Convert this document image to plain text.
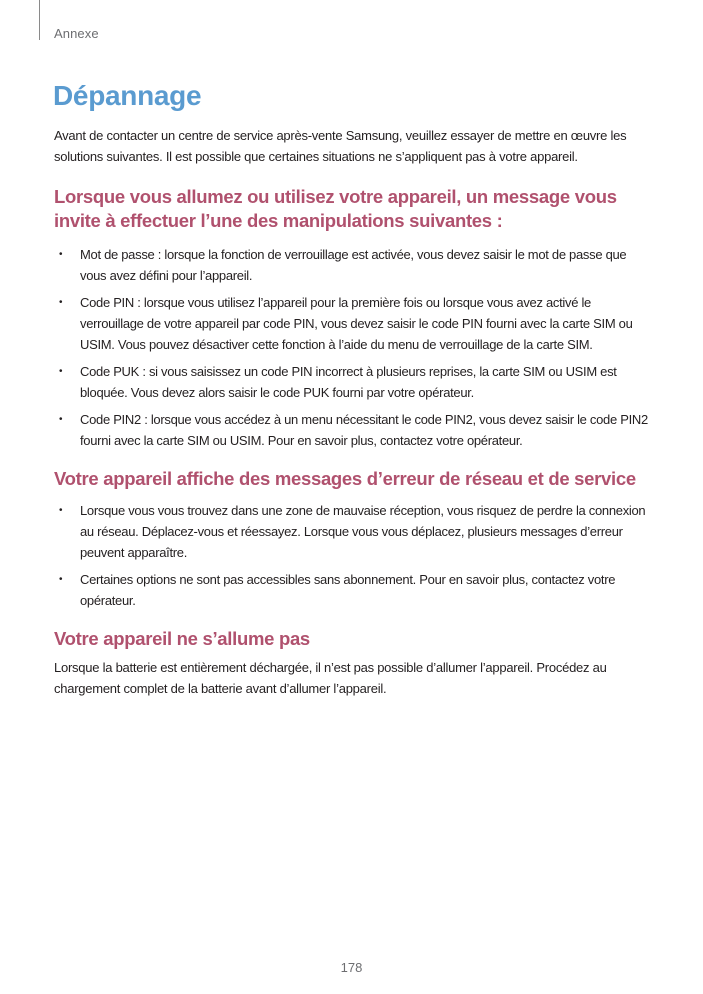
Annexe
Dépannage

Avant de contacter un centre de service après-vente Samsung, veuillez essayer de mettre en œuvre les solutions suivantes. Il est possible que certaines situations ne s’appliquent pas à votre appareil.

Lorsque vous allumez ou utilisez votre appareil, un message vous invite à effectuer l’une des manipulations suivantes :
• Mot de passe : lorsque la fonction de verrouillage est activée, vous devez saisir le mot de passe que vous avez défini pour l’appareil.
• Code PIN : lorsque vous utilisez l’appareil pour la première fois ou lorsque vous avez activé le verrouillage de votre appareil par code PIN, vous devez saisir le code PIN fourni avec la carte SIM ou USIM. Vous pouvez désactiver cette fonction à l’aide du menu de verrouillage de la carte SIM.
• Code PUK : si vous saisissez un code PIN incorrect à plusieurs reprises, la carte SIM ou USIM est bloquée. Vous devez alors saisir le code PUK fourni par votre opérateur.
• Code PIN2 : lorsque vous accédez à un menu nécessitant le code PIN2, vous devez saisir le code PIN2 fourni avec la carte SIM ou USIM. Pour en savoir plus, contactez votre opérateur.
Votre appareil affiche des messages d’erreur de réseau et de service
• Lorsque vous vous trouvez dans une zone de mauvaise réception, vous risquez de perdre la connexion au réseau. Déplacez-vous et réessayez. Lorsque vous vous déplacez, plusieurs messages d’erreur peuvent apparaître.
• Certaines options ne sont pas accessibles sans abonnement. Pour en savoir plus, contactez votre opérateur.
Votre appareil ne s’allume pas

Lorsque la batterie est entièrement déchargée, il n’est pas possible d’allumer l’appareil. Procédez au chargement complet de la batterie avant d’allumer l’appareil.

178
